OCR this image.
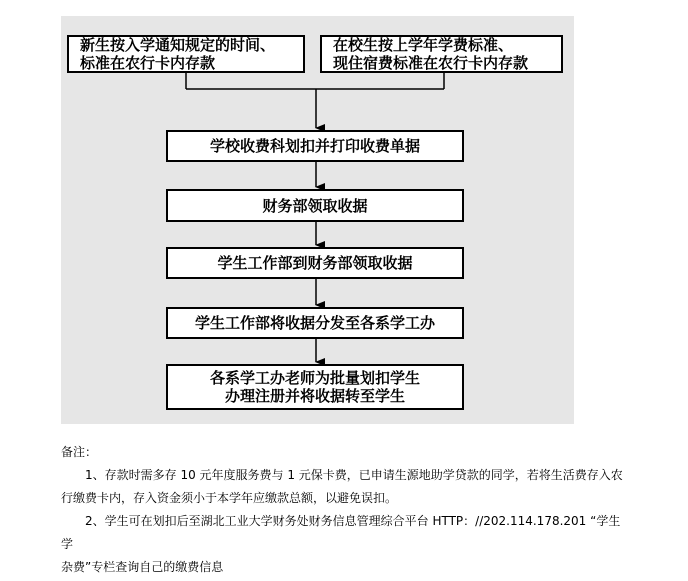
新生按入学通知规定的时间、
标准在农行卡内存款
在校生按上学年学费标准、
现住宿费标准在农行卡内存款
学校收费科划扣并打印收费单据
财务部领取收据
学生工作部到财务部领取收据
学生工作部将收据分发至各系学工办
各系学工办老师为批量划扣学生
办理注册并将收据转至学生

备注：

1、存款时需多存 10 元年度服务费与 1 元保卡费，已申请生源地助学贷款的同学，若将生活费存入农

行缴费卡内，存入资金须小于本学年应缴款总额，以避免误扣。

2、学生可在划扣后至湖北工业大学财务处财务信息管理综合平台 HTTP：//202.114.178.201 “学生学

杂费”专栏查询自己的缴费信息
